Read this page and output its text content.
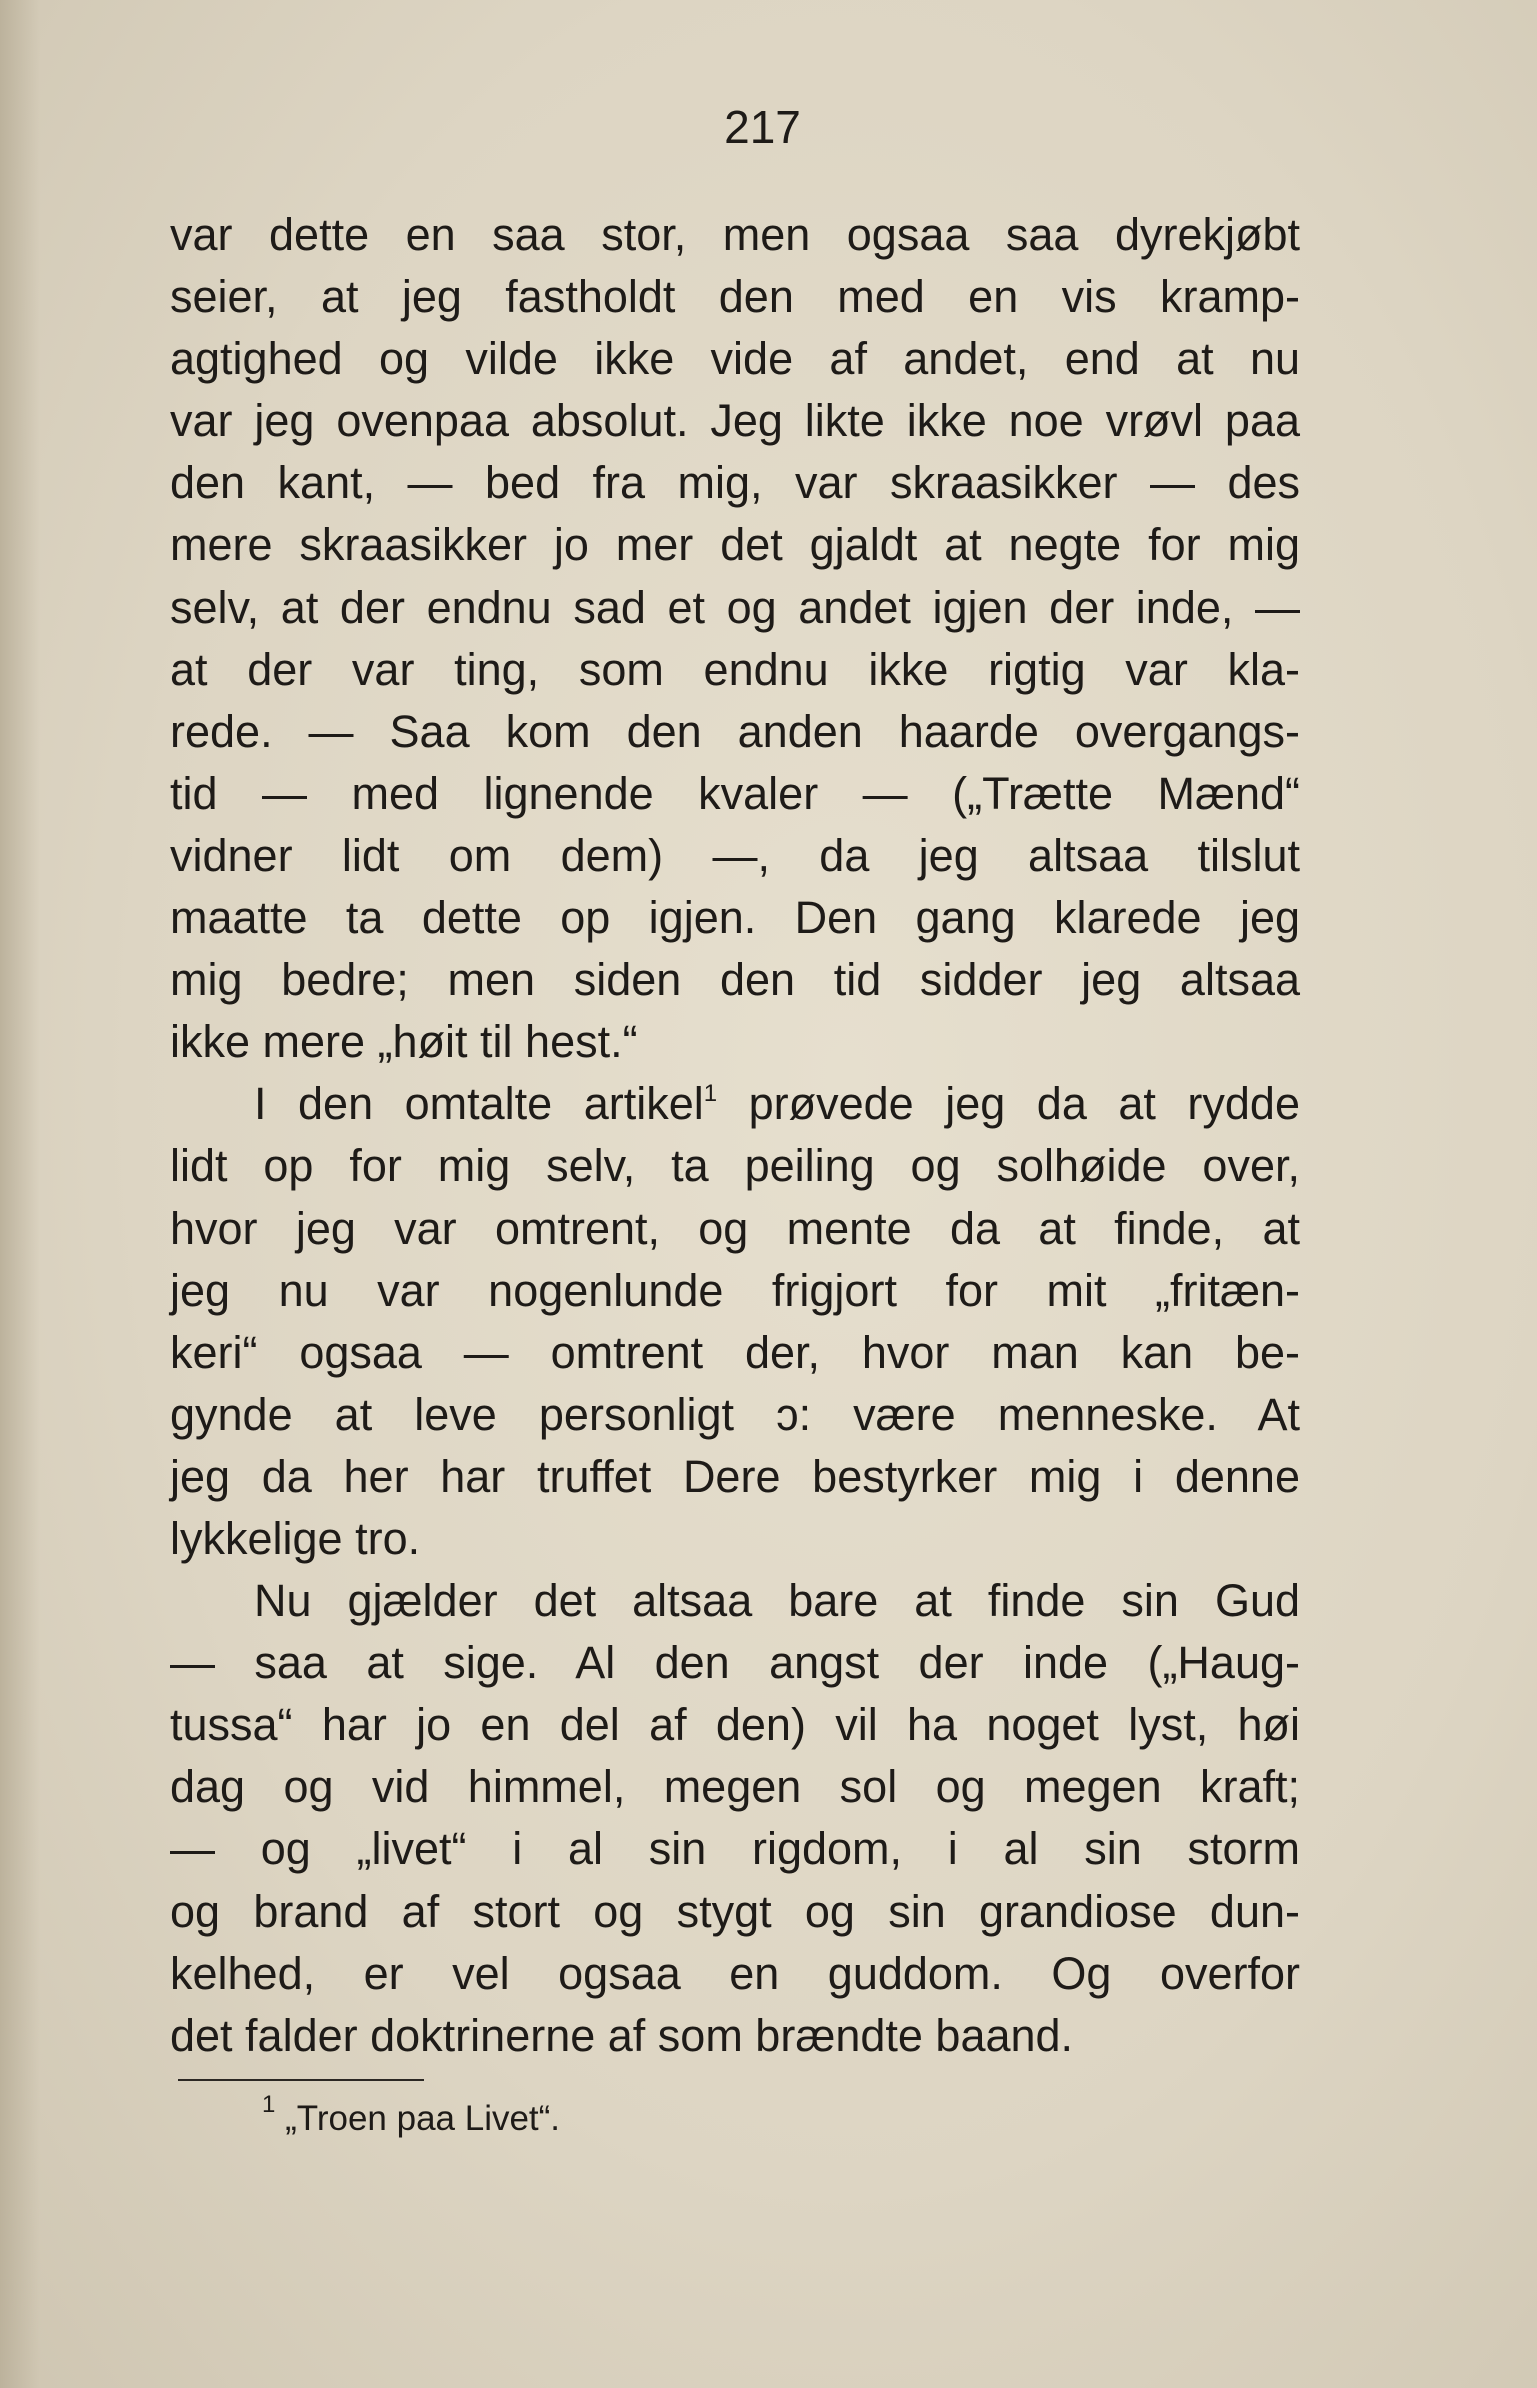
217
var dette en saa stor, men ogsaa saa dyrekjøbt
seier, at jeg fastholdt den med en vis kramp-
agtighed og vilde ikke vide af andet, end at nu
var jeg ovenpaa absolut. Jeg likte ikke noe vrøvl paa
den kant, — bed fra mig, var skraasikker — des
mere skraasikker jo mer det gjaldt at negte for mig
selv, at der endnu sad et og andet igjen der inde, —
at der var ting, som endnu ikke rigtig var kla-
rede. — Saa kom den anden haarde overgangs-
tid — med lignende kvaler — („Trætte Mænd“
vidner lidt om dem) —, da jeg altsaa tilslut
maatte ta dette op igjen. Den gang klarede jeg
mig bedre; men siden den tid sidder jeg altsaa
ikke mere „høit til hest.“
I den omtalte artikel$^1$ prøvede jeg da at rydde
lidt op for mig selv, ta peiling og solhøide over,
hvor jeg var omtrent, og mente da at finde, at
jeg nu var nogenlunde frigjort for mit „fritæn-
keri“ ogsaa — omtrent der, hvor man kan be-
gynde at leve personligt ɔ: være menneske. At
jeg da her har truffet Dere bestyrker mig i denne
lykkelige tro.
Nu gjælder det altsaa bare at finde sin Gud
— saa at sige. Al den angst der inde („Haug-
tussa“ har jo en del af den) vil ha noget lyst, høi
dag og vid himmel, megen sol og megen kraft;
— og „livet“ i al sin rigdom, i al sin storm
og brand af stort og stygt og sin grandiose dun-
kelhed, er vel ogsaa en guddom. Og overfor
det falder doktrinerne af som brændte baand.
$^1$ „Troen paa Livet“.
